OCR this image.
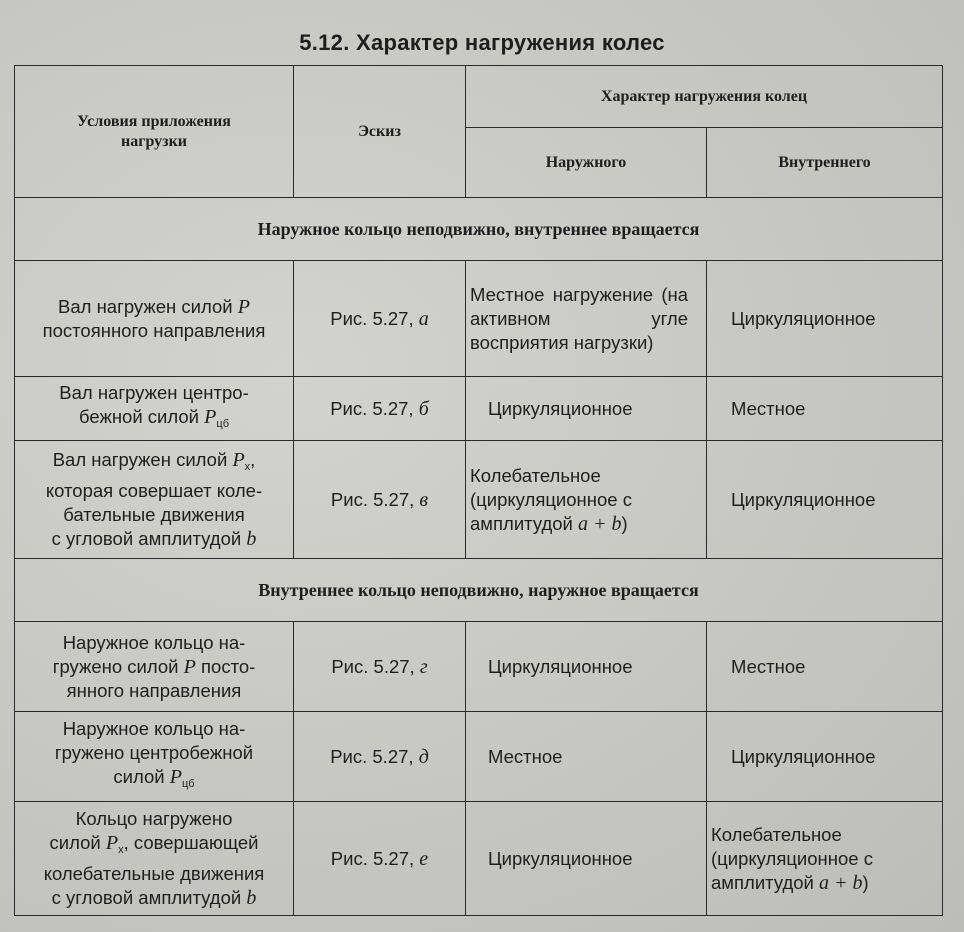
5.12. Характер нагружения колес
Условия приложения нагрузки	Эскиз	Характер нагружения колец	
		Наружного	Внутреннего
Наружное кольцо неподвижно, внутреннее вращается			
Вал нагружен силой P
постоянного направления	Рис. 5.27, а	Местное нагружение (на активном угле восприятия нагрузки)	Циркуляционное
Вал нагружен центро-
бежной силой $P_{цб}$	Рис. 5.27, б	Циркуляционное	Местное
Вал нагружен силой $P_x$,
которая совершает коле-
бательные движения
с угловой амплитудой b	Рис. 5.27, в	Колебательное (циркуляционное с амплитудой a + b)	Циркуляционное
Внутреннее кольцо неподвижно, наружное вращается			
Наружное кольцо на-
гружено силой P посто-
янного направления	Рис. 5.27, г	Циркуляционное	Местное
Наружное кольцо на-
гружено центробежной
силой $P_{цб}$	Рис. 5.27, д	Местное	Циркуляционное
Кольцо нагружено
силой $P_x$, совершающей
колебательные движения
с угловой амплитудой b	Рис. 5.27, е	Циркуляционное	Колебательное (циркуляционное с амплитудой a + b)
